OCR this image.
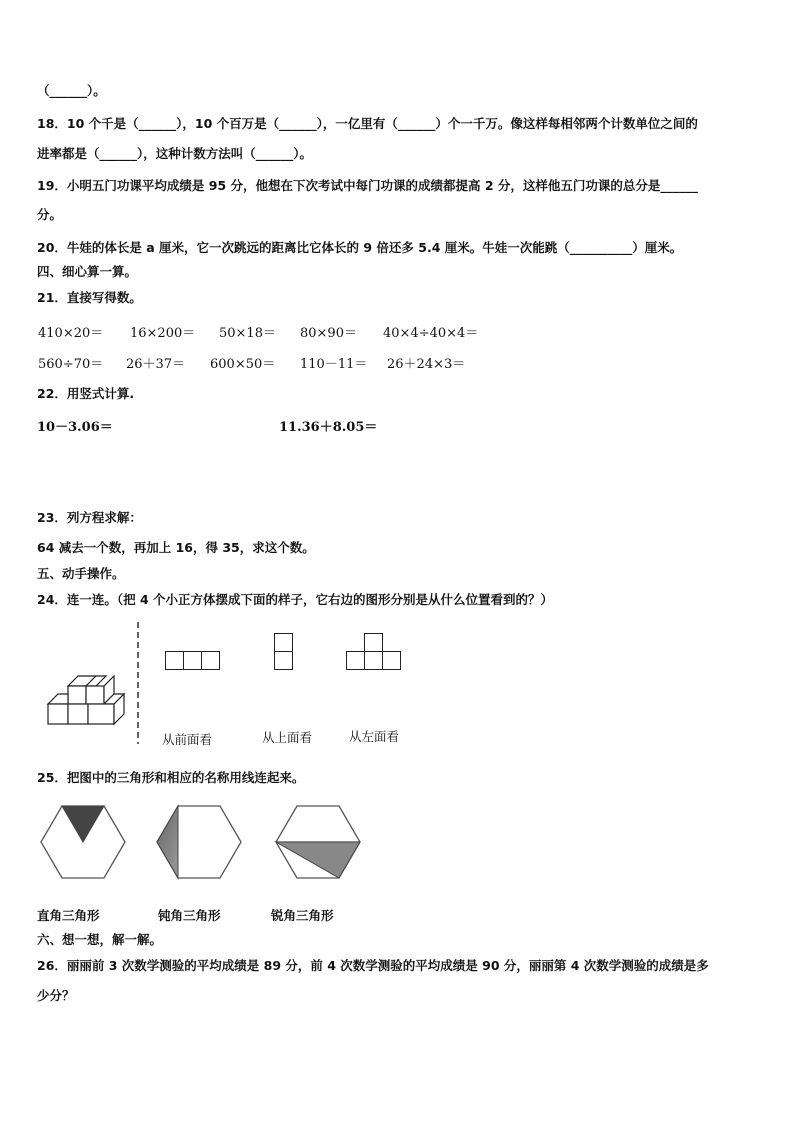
（______）。
18．10 个千是（______），10 个百万是（______），一亿里有（______）个一千万。像这样每相邻两个计数单位之间的
进率都是（______），这种计数方法叫（______）。
19．小明五门功课平均成绩是 95 分，他想在下次考试中每门功课的成绩都提高 2 分，这样他五门功课的总分是______
分。
20．牛娃的体长是 a 厘米，它一次跳远的距离比它体长的 9 倍还多 5.4 厘米。牛娃一次能跳（__________）厘米。
四、细心算一算。
21．直接写得数。
410×20＝ 16×200＝ 50×18＝ 80×90＝ 40×4÷40×4＝
560÷70＝ 26＋37＝ 600×50＝ 110－11＝ 26＋24×3＝
22．用竖式计算.
10－3.06＝	11.36＋8.05＝
23．列方程求解：
64 减去一个数，再加上 16，得 35，求这个数。
五、动手操作。
24．连一连。（把 4 个小正方体摆成下面的样子，它右边的图形分别是从什么位置看到的？）
从前面看	从上面看	从左面看
25．把图中的三角形和相应的名称用线连起来。
直角三角形	钝角三角形	锐角三角形
六、想一想，解一解。
26．丽丽前 3 次数学测验的平均成绩是 89 分，前 4 次数学测验的平均成绩是 90 分，丽丽第 4 次数学测验的成绩是多
少分？
